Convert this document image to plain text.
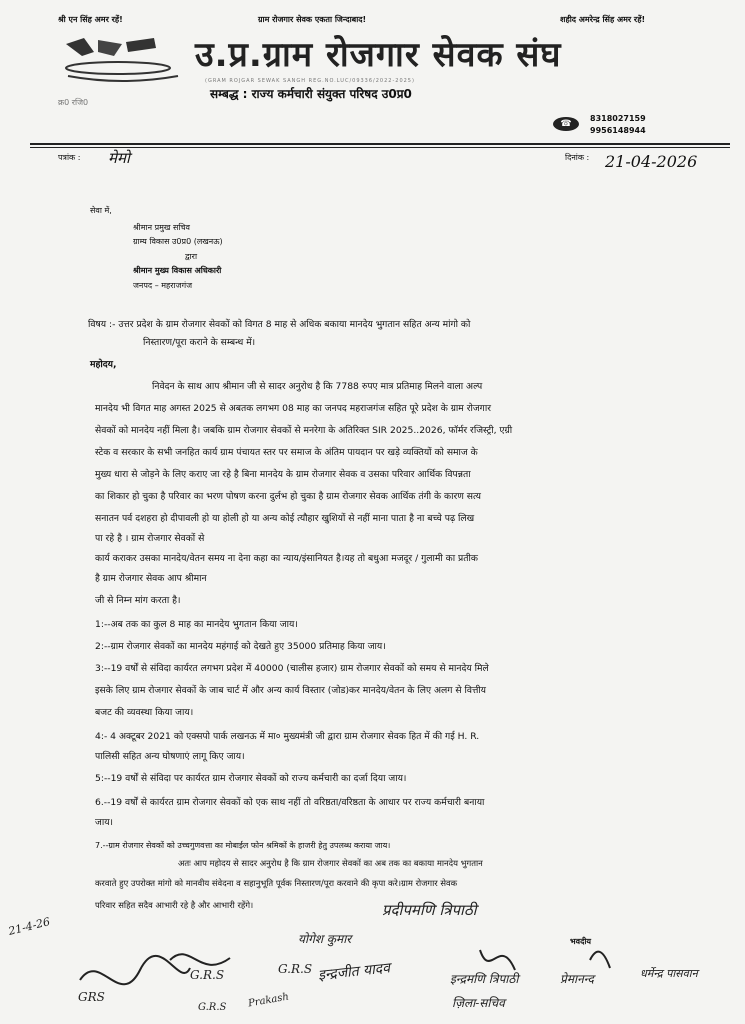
श्री एन सिंह अमर रहें!	ग्राम रोजगार सेवक एकता जिन्दाबाद!	शहीद अमरेन्द्र सिंह अमर रहें!
उ.प्र.ग्राम रोजगार सेवक संघ
(GRAM ROJGAR SEWAK SANGH REG.NO.LUC/09336/2022-2025)
सम्बद्ध : राज्य कर्मचारी संयुक्त परिषद उ0प्र0
क्र0 रजि0
☎
8318027159
9956148944
पत्रांक : मेमो	दिनांक : 21-04-2026
सेवा में,
श्रीमान प्रमुख सचिव
ग्राम्य विकास उ0प्र0 (लखनऊ)
द्वारा
श्रीमान मुख्य विकास अधिकारी
जनपद – महराजगंज
विषय :- उत्तर प्रदेश के ग्राम रोजगार सेवकों को विगत 8 माह से अधिक बकाया मानदेय भुगतान सहित अन्य मांगो को
निस्तारण/पूरा कराने के सम्बन्ध में।
महोदय,
निवेदन के साथ आप श्रीमान जी से सादर अनुरोध है कि 7788 रुपए मात्र प्रतिमाह मिलने वाला अल्प
मानदेय भी विगत माह अगस्त 2025 से अबतक लगभग 08 माह का जनपद महराजगंज सहित पूरे प्रदेश के ग्राम रोजगार
सेवकों को मानदेय नहीं मिला है। जबकि ग्राम रोजगार सेवकों से मनरेगा के अतिरिक्त SIR 2025..2026, फॉर्मर रजिस्ट्री, एग्री
स्टेक व सरकार के सभी जनहित कार्य ग्राम पंचायत स्तर पर समाज के अंतिम पायदान पर खड़े व्यक्तियों को समाज के
मुख्य धारा से जोड़ने के लिए कराए जा रहे है बिना मानदेय के ग्राम रोजगार सेवक व उसका परिवार आर्थिक विपन्नता
का शिकार हो चुका है परिवार का भरण पोषण करना दुर्लभ हो चुका है ग्राम रोजगार सेवक आर्थिक तंगी के कारण सत्य
सनातन पर्व दशहरा हो दीपावली हो या होली हो या अन्य कोई त्यौहार खुशियों से नहीं माना पाता है ना बच्चे पढ़ लिख
पा रहे है । ग्राम रोजगार सेवकों से
कार्य कराकर उसका मानदेय/वेतन समय ना देना कहा का न्याय/इंसानियत है।यह तो बधुआ मजदूर / गुलामी का प्रतीक
है ग्राम रोजगार सेवक आप श्रीमान
जी से निम्न मांग करता है।
1:--अब तक का कुल 8 माह का मानदेय भुगतान किया जाय।
2:--ग्राम रोजगार सेवकों का मानदेय महंगाई को देखते हुए 35000 प्रतिमाह किया जाय।
3:--19 वर्षों से संविदा कार्यरत लगभग प्रदेश में 40000 (चालीस हजार) ग्राम रोजगार सेवकों को समय से मानदेय मिले
इसके लिए ग्राम रोजगार सेवकों के जाब चार्ट में और अन्य कार्य विस्तार (जोड)कर मानदेय/वेतन के लिए अलग से वित्तीय
बजट की व्यवस्था किया जाय।
4:- 4 अक्टूबर 2021 को एक्सपो पार्क लखनऊ में मा० मुख्यमंत्री जी द्वारा ग्राम रोजगार सेवक हित में की गई H. R.
पालिसी सहित अन्य घोषणाएं लागू किए जाय।
5:--19 वर्षों से संविदा पर कार्यरत ग्राम रोजगार सेवकों को राज्य कर्मचारी का दर्जा दिया जाय।
6.--19 वर्षों से कार्यरत ग्राम रोजगार सेवकों को एक साथ नहीं तो वरिष्ठता/वरिष्ठता के आधार पर राज्य कर्मचारी बनाया
जाय।
7.--ग्राम रोजगार सेवकों को उच्चगुणवत्ता का मोबाईल फोन श्रमिकों के हाजरी हेतु उपलब्ध कराया जाय।
अतः आप महोदय से सादर अनुरोध है कि ग्राम रोजगार सेवकों का अब तक का बकाया मानदेय भुगतान
करवाते हुए उपरोक्त मांगो को मानवीय संवेदना व सहानुभूति पूर्वक निस्तारण/पूरा करवाने की कृपा करे।ग्राम रोजगार सेवक
परिवार सहित सदैव आभारी रहे है और आभारी रहेंगे।	प्रदीपमणि त्रिपाठी
भवदीय
21-4-26
योगेश कुमार
G.R.S
G.R.S
GRS	Prakash
G.R.S
इन्द्रजीत यादव	इन्द्रमणि त्रिपाठी
ज़िला-सचिव
प्रेमानन्द	धर्मेन्द्र पासवान
